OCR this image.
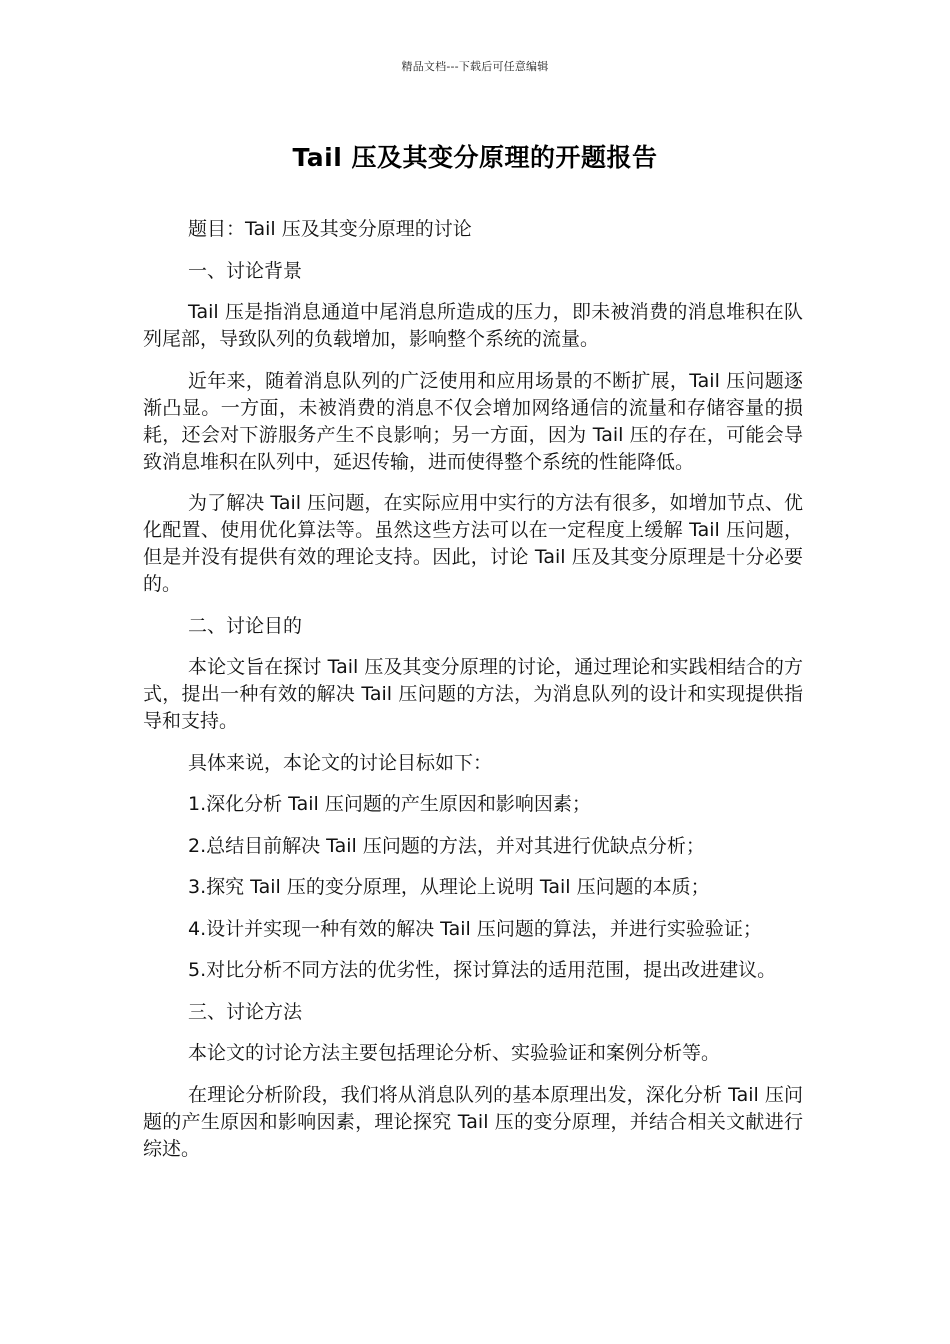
精品文档---下载后可任意编辑
Tail 压及其变分原理的开题报告

题目：Tail 压及其变分原理的讨论

一、讨论背景

Tail 压是指消息通道中尾消息所造成的压力，即未被消费的消息堆积在队列尾部，导致队列的负载增加，影响整个系统的流量。

近年来，随着消息队列的广泛使用和应用场景的不断扩展，Tail 压问题逐渐凸显。一方面，未被消费的消息不仅会增加网络通信的流量和存储容量的损耗，还会对下游服务产生不良影响；另一方面，因为 Tail 压的存在，可能会导致消息堆积在队列中，延迟传输，进而使得整个系统的性能降低。

为了解决 Tail 压问题，在实际应用中实行的方法有很多，如增加节点、优化配置、使用优化算法等。虽然这些方法可以在一定程度上缓解 Tail 压问题，但是并没有提供有效的理论支持。因此，讨论 Tail 压及其变分原理是十分必要的。

二、讨论目的

本论文旨在探讨 Tail 压及其变分原理的讨论，通过理论和实践相结合的方式，提出一种有效的解决 Tail 压问题的方法，为消息队列的设计和实现提供指导和支持。

具体来说，本论文的讨论目标如下：

1.深化分析 Tail 压问题的产生原因和影响因素；

2.总结目前解决 Tail 压问题的方法，并对其进行优缺点分析；

3.探究 Tail 压的变分原理，从理论上说明 Tail 压问题的本质；

4.设计并实现一种有效的解决 Tail 压问题的算法，并进行实验验证；

5.对比分析不同方法的优劣性，探讨算法的适用范围，提出改进建议。

三、讨论方法

本论文的讨论方法主要包括理论分析、实验验证和案例分析等。

在理论分析阶段，我们将从消息队列的基本原理出发，深化分析 Tail 压问题的产生原因和影响因素，理论探究 Tail 压的变分原理，并结合相关文献进行综述。
